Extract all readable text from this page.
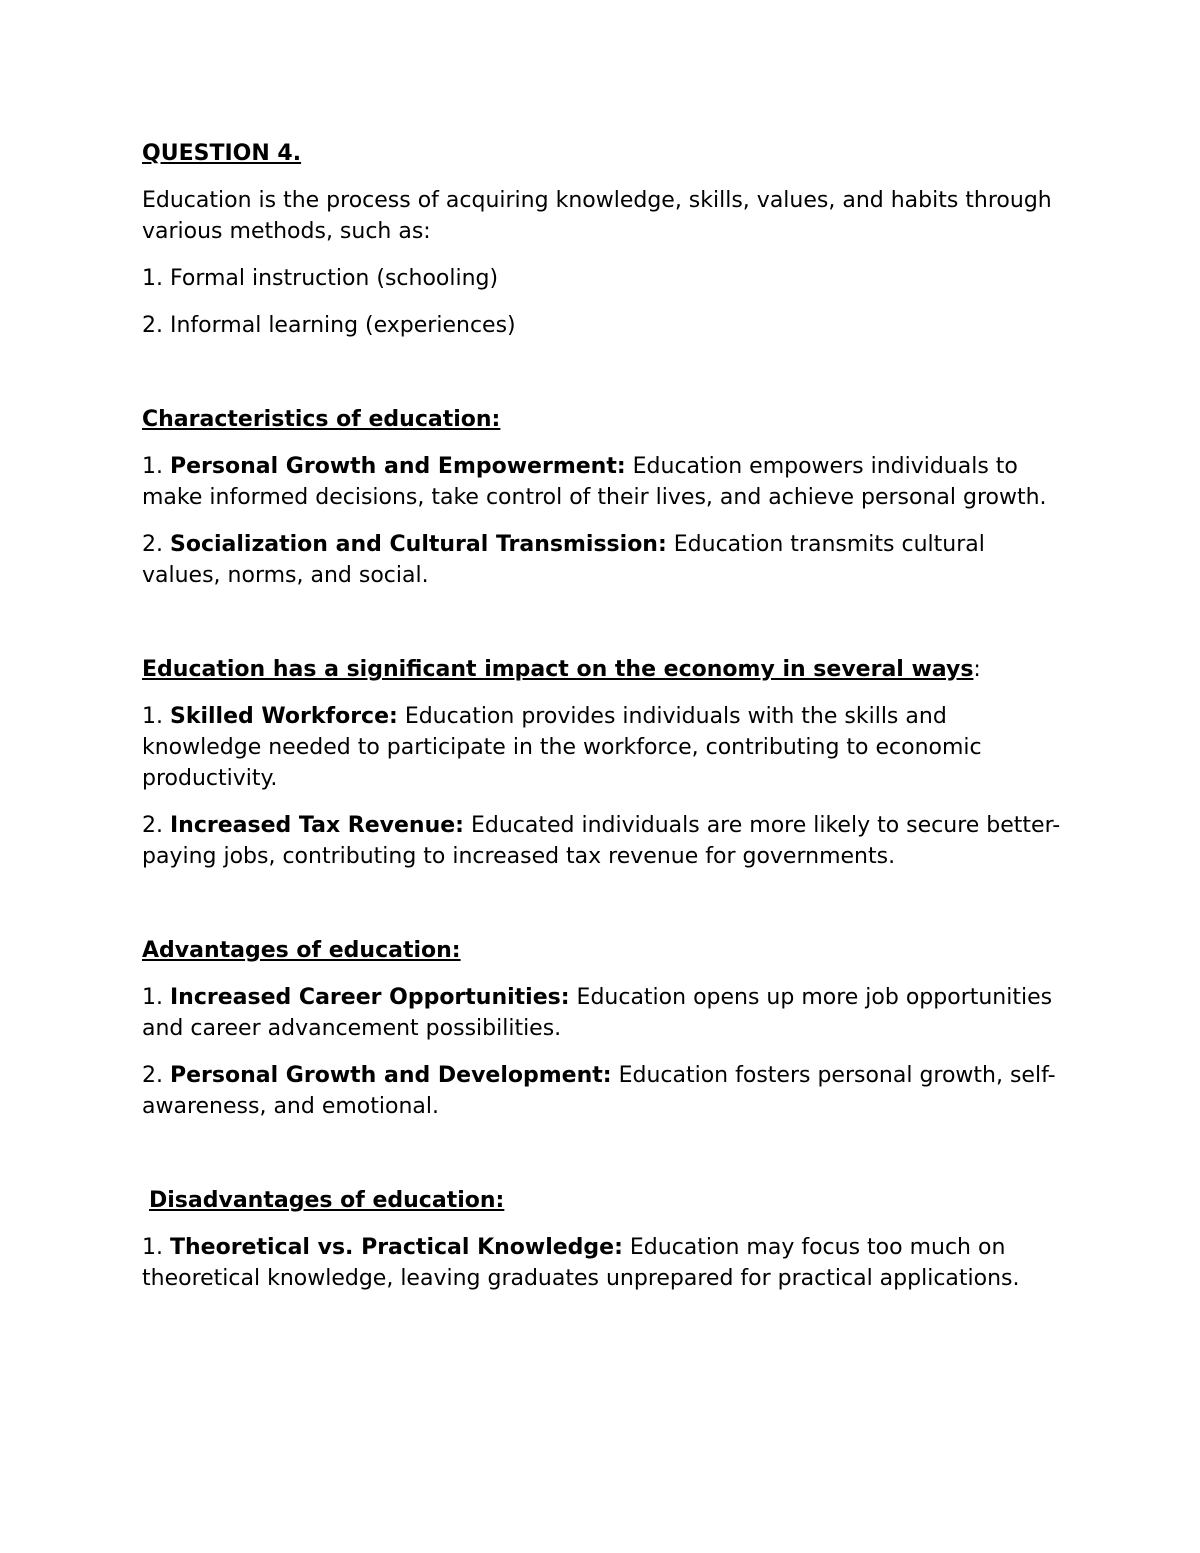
QUESTION 4.

Education is the process of acquiring knowledge, skills, values, and habits through various methods, such as:

1. Formal instruction (schooling)

2. Informal learning (experiences)

Characteristics of education:

1. Personal Growth and Empowerment: Education empowers individuals to make informed decisions, take control of their lives, and achieve personal growth.

2. Socialization and Cultural Transmission: Education transmits cultural values, norms, and social.

Education has a significant impact on the economy in several ways:

1. Skilled Workforce: Education provides individuals with the skills and knowledge needed to participate in the workforce, contributing to economic productivity.

2. Increased Tax Revenue: Educated individuals are more likely to secure better-paying jobs, contributing to increased tax revenue for governments.

Advantages of education:

1. Increased Career Opportunities: Education opens up more job opportunities and career advancement possibilities.

2. Personal Growth and Development: Education fosters personal growth, self-awareness, and emotional.

Disadvantages of education:

1. Theoretical vs. Practical Knowledge: Education may focus too much on theoretical knowledge, leaving graduates unprepared for practical applications.
